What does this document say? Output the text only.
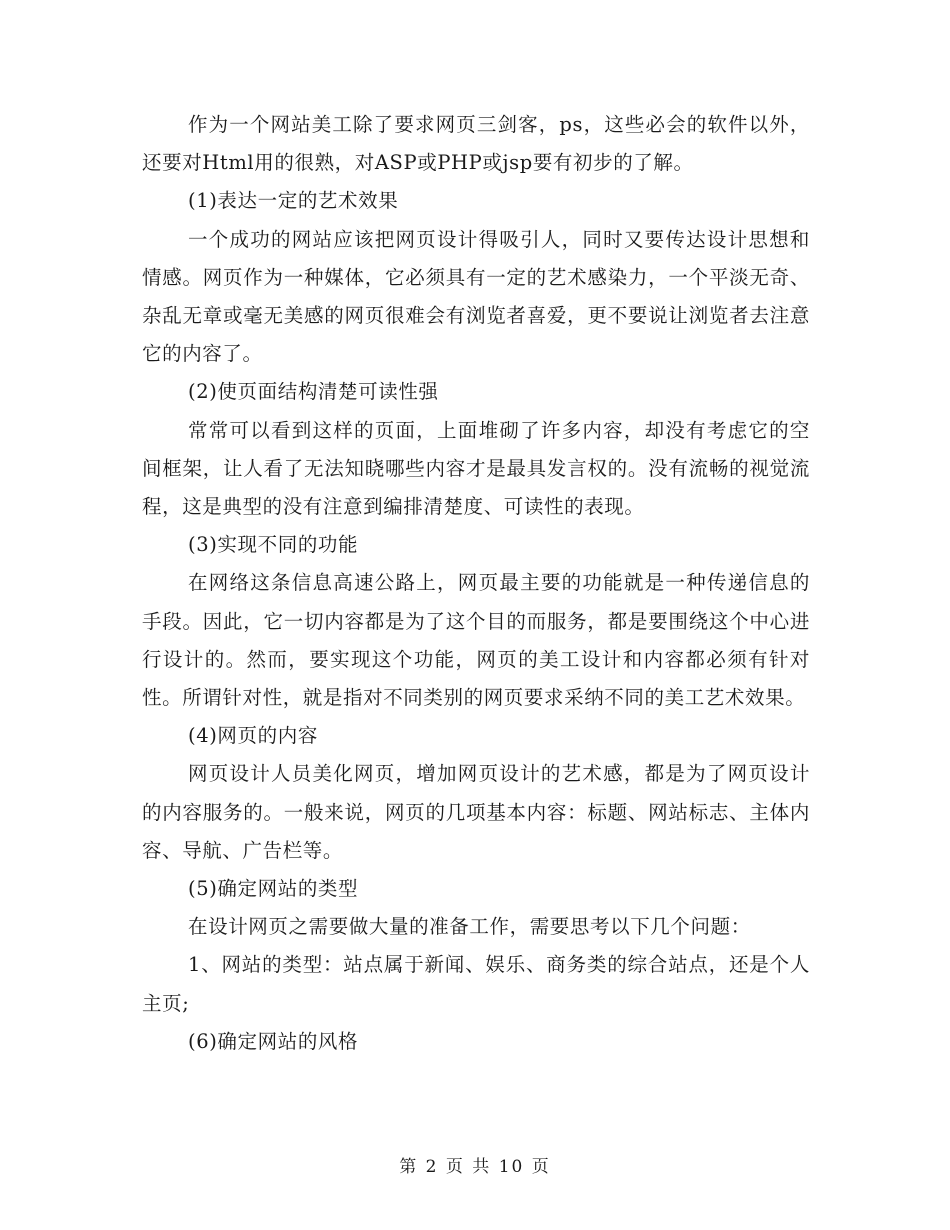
作为一个网站美工除了要求网页三剑客，ps，这些必会的软件以外，还要对Html用的很熟，对ASP或PHP或jsp要有初步的了解。

(1)表达一定的艺术效果

一个成功的网站应该把网页设计得吸引人，同时又要传达设计思想和情感。网页作为一种媒体，它必须具有一定的艺术感染力，一个平淡无奇、杂乱无章或毫无美感的网页很难会有浏览者喜爱，更不要说让浏览者去注意它的内容了。

(2)使页面结构清楚可读性强

常常可以看到这样的页面，上面堆砌了许多内容，却没有考虑它的空间框架，让人看了无法知晓哪些内容才是最具发言权的。没有流畅的视觉流程，这是典型的没有注意到编排清楚度、可读性的表现。

(3)实现不同的功能

在网络这条信息高速公路上，网页最主要的功能就是一种传递信息的手段。因此，它一切内容都是为了这个目的而服务，都是要围绕这个中心进行设计的。然而，要实现这个功能，网页的美工设计和内容都必须有针对性。所谓针对性，就是指对不同类别的网页要求采纳不同的美工艺术效果。

(4)网页的内容

网页设计人员美化网页，增加网页设计的艺术感，都是为了网页设计的内容服务的。一般来说，网页的几项基本内容：标题、网站标志、主体内容、导航、广告栏等。

(5)确定网站的类型

在设计网页之需要做大量的准备工作，需要思考以下几个问题：

1、网站的类型：站点属于新闻、娱乐、商务类的综合站点，还是个人主页;

(6)确定网站的风格

第 2 页 共 10 页
